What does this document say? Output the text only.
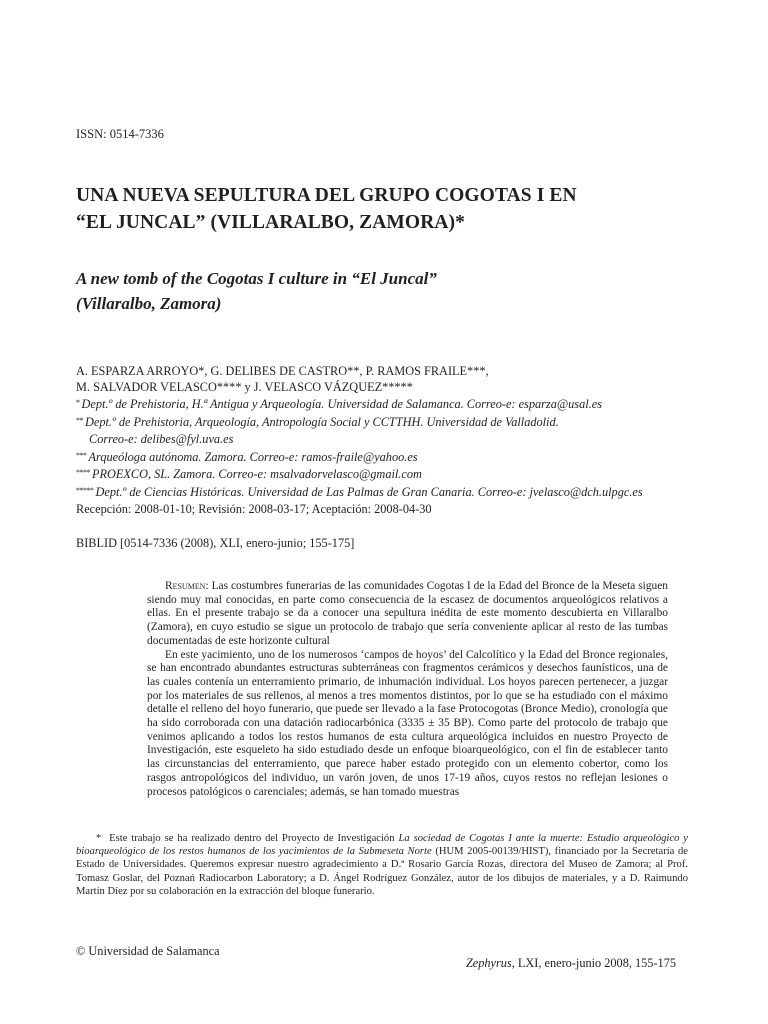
ISSN: 0514-7336

UNA NUEVA SEPULTURA DEL GRUPO COGOTAS I EN
“EL JUNCAL” (VILLARALBO, ZAMORA)*
A new tomb of the Cogotas I culture in “El Juncal”
(Villaralbo, Zamora)
A. ESPARZA ARROYO*, G. DELIBES DE CASTRO**, P. RAMOS FRAILE***,
M. SALVADOR VELASCO**** y J. VELASCO VÁZQUEZ*****
* Dept.º de Prehistoria, H.ª Antigua y Arqueología. Universidad de Salamanca. Correo-e: esparza@usal.es
** Dept.º de Prehistoria, Arqueología, Antropología Social y CCTTHH. Universidad de Valladolid.
Correo-e: delibes@fyl.uva.es
*** Arqueóloga autónoma. Zamora. Correo-e: ramos-fraile@yahoo.es
**** PROEXCO, SL. Zamora. Correo-e: msalvadorvelasco@gmail.com
***** Dept.º de Ciencias Históricas. Universidad de Las Palmas de Gran Canaria. Correo-e: jvelasco@dch.ulpgc.es

Recepción: 2008-01-10; Revisión: 2008-03-17; Aceptación: 2008-04-30

BIBLID [0514-7336 (2008), XLI, enero-junio; 155-175]

Resumen: Las costumbres funerarias de las comunidades Cogotas I de la Edad del Bronce de la Meseta siguen siendo muy mal conocidas, en parte como consecuencia de la escasez de documentos arqueológicos relativos a ellas. En el presente trabajo se da a conocer una sepultura inédita de este momento descubierta en Villaralbo (Zamora), en cuyo estudio se sigue un protocolo de trabajo que sería conveniente aplicar al resto de las tumbas documentadas de este horizonte cultural

En este yacimiento, uno de los numerosos ‘campos de hoyos’ del Calcolítico y la Edad del Bronce regionales, se han encontrado abundantes estructuras subterráneas con fragmentos cerámicos y desechos faunísticos, una de las cuales contenía un enterramiento primario, de inhumación individual. Los hoyos parecen pertenecer, a juzgar por los materiales de sus rellenos, al menos a tres momentos distintos, por lo que se ha estudiado con el máximo detalle el relleno del hoyo funerario, que puede ser llevado a la fase Protocogotas (Bronce Medio), cronología que ha sido corroborada con una datación radiocarbónica (3335 ± 35 BP). Como parte del protocolo de trabajo que venimos aplicando a todos los restos humanos de esta cultura arqueológica incluidos en nuestro Proyecto de Investigación, este esqueleto ha sido estudiado desde un enfoque bioarqueológico, con el fin de establecer tanto las circunstancias del enterramiento, que parece haber estado protegido con un elemento cobertor, como los rasgos antropológicos del individuo, un varón joven, de unos 17-19 años, cuyos restos no reflejan lesiones o procesos patológicos o carenciales; además, se han tomado muestras

* Este trabajo se ha realizado dentro del Proyecto de Investigación La sociedad de Cogotas I ante la muerte: Estudio arqueológico y bioarqueológico de los restos humanos de los yacimientos de la Submeseta Norte (HUM 2005-00139/HIST), financiado por la Secretaría de Estado de Universidades. Queremos expresar nuestro agradecimiento a D.ª Rosario García Rozas, directora del Museo de Zamora; al Prof. Tomasz Goslar, del Poznań Radiocarbon Laboratory; a D. Ángel Rodríguez González, autor de los dibujos de materiales, y a D. Raimundo Martín Díez por su colaboración en la extracción del bloque funerario.

© Universidad de Salamanca

Zephyrus, LXI, enero-junio 2008, 155-175
